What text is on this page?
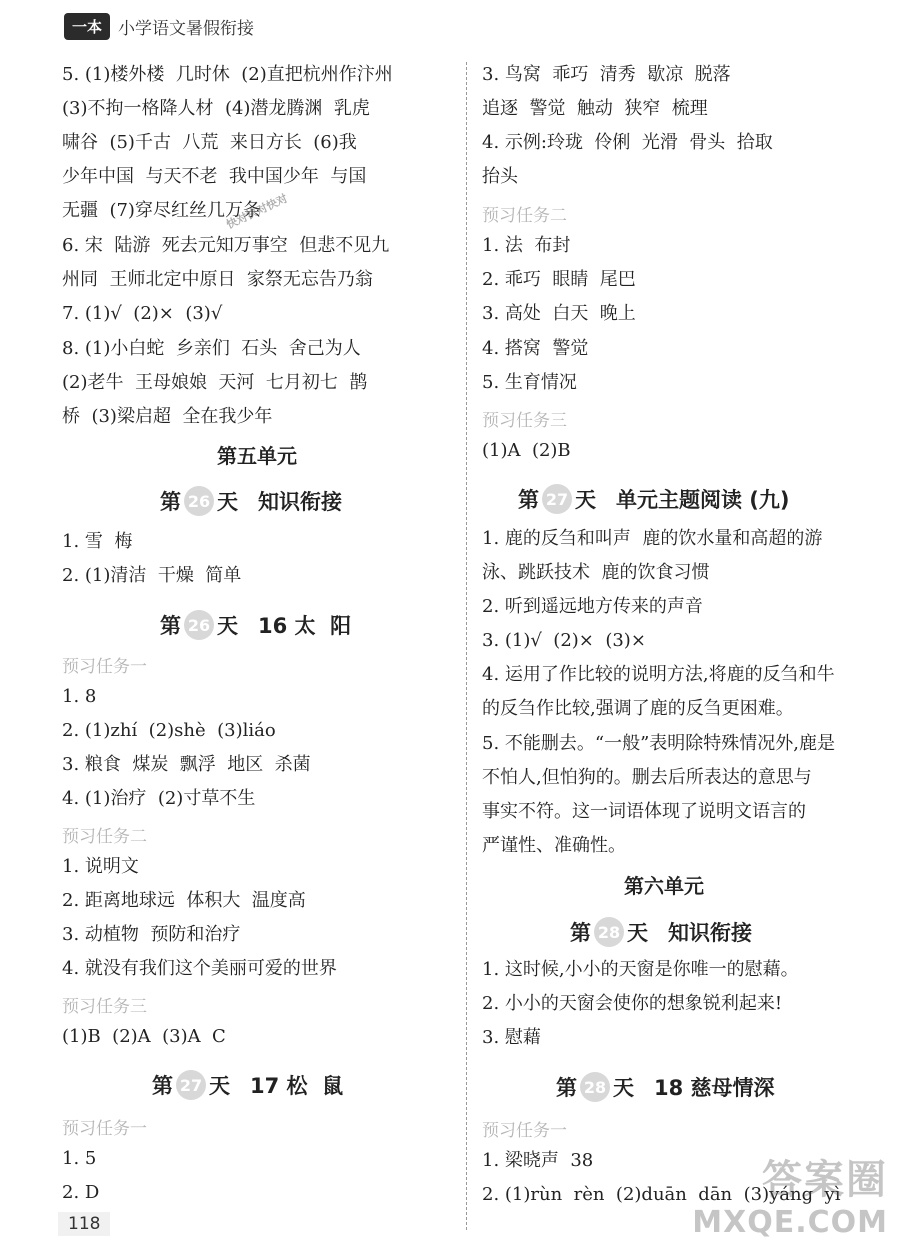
一本 小学语文暑假衔接
5. (1)楼外楼  几时休  (2)直把杭州作汴州
(3)不拘一格降人材  (4)潜龙腾渊  乳虎
啸谷  (5)千古  八荒  来日方长  (6)我
少年中国  与天不老  我中国少年  与国
无疆  (7)穿尽红丝几万条
6. 宋  陆游  死去元知万事空  但悲不见九
州同  王师北定中原日  家祭无忘告乃翁
7. (1)√  (2)×  (3)√
8. (1)小白蛇  乡亲们  石头  舍己为人
(2)老牛  王母娘娘  天河  七月初七  鹊
桥  (3)梁启超  全在我少年
第五单元
第 26 天 知识衔接
1. 雪  梅
2. (1)清洁  干燥  简单
第 26 天 16 太  阳
预习任务一
1. 8
2. (1)zhí  (2)shè  (3)liáo
3. 粮食  煤炭  飘浮  地区  杀菌
4. (1)治疗  (2)寸草不生
预习任务二
1. 说明文
2. 距离地球远  体积大  温度高
3. 动植物  预防和治疗
4. 就没有我们这个美丽可爱的世界
预习任务三
(1)B  (2)A  (3)A  C
第 27 天 17 松  鼠
预习任务一
1. 5
2. D
3. 鸟窝  乖巧  清秀  歇凉  脱落
追逐  警觉  触动  狭窄  梳理
4. 示例:玲珑  伶俐  光滑  骨头  拾取
抬头
预习任务二
1. 法  布封
2. 乖巧  眼睛  尾巴
3. 高处  白天  晚上
4. 搭窝  警觉
5. 生育情况
预习任务三
(1)A  (2)B
第 27 天 单元主题阅读 (九)
1. 鹿的反刍和叫声  鹿的饮水量和高超的游
泳、跳跃技术  鹿的饮食习惯
2. 听到遥远地方传来的声音
3. (1)√  (2)×  (3)×
4. 运用了作比较的说明方法,将鹿的反刍和牛
的反刍作比较,强调了鹿的反刍更困难。
5. 不能删去。“一般”表明除特殊情况外,鹿是
不怕人,但怕狗的。删去后所表达的意思与
事实不符。这一词语体现了说明文语言的
严谨性、准确性。
第六单元
第 28 天 知识衔接
1. 这时候,小小的天窗是你唯一的慰藉。
2. 小小的天窗会使你的想象锐利起来!
3. 慰藉
第 28 天 18 慈母情深
预习任务一
1. 梁晓声  38
2. (1)rùn  rèn  (2)duān  dān  (3)yáng  yì
快对快对快对
答案圈
MXQE.COM
118
